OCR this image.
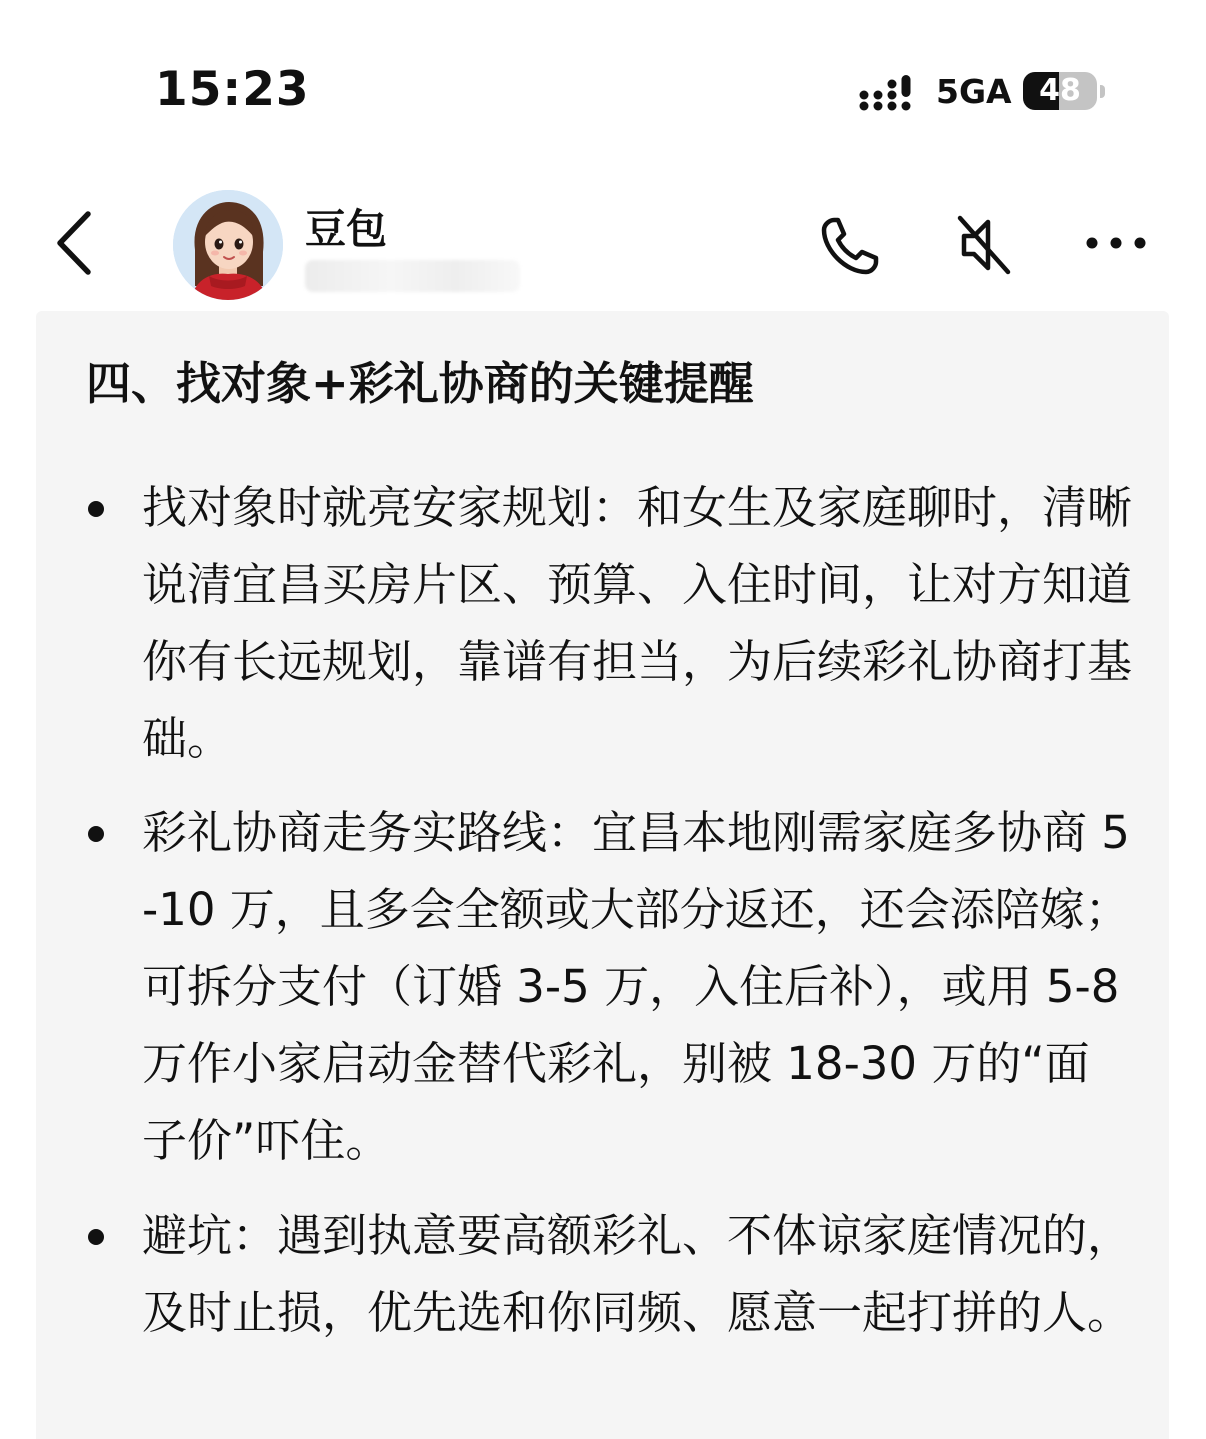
15:23	5GA 48
豆包
四、找对象+彩礼协商的关键提醒
找对象时就亮安家规划：和女生及家庭聊时，清晰说清宜昌买房片区、预算、入住时间，让对方知道你有长远规划，靠谱有担当，为后续彩礼协商打基础。
彩礼协商走务实路线：宜昌本地刚需家庭多协商 5-10 万，且多会全额或大部分返还，还会添陪嫁；可拆分支付（订婚 3-5 万，入住后补），或用 5-8 万作小家启动金替代彩礼，别被 18-30 万的“面子价”吓住。
避坑：遇到执意要高额彩礼、不体谅家庭情况的，及时止损，优先选和你同频、愿意一起打拼的人。
